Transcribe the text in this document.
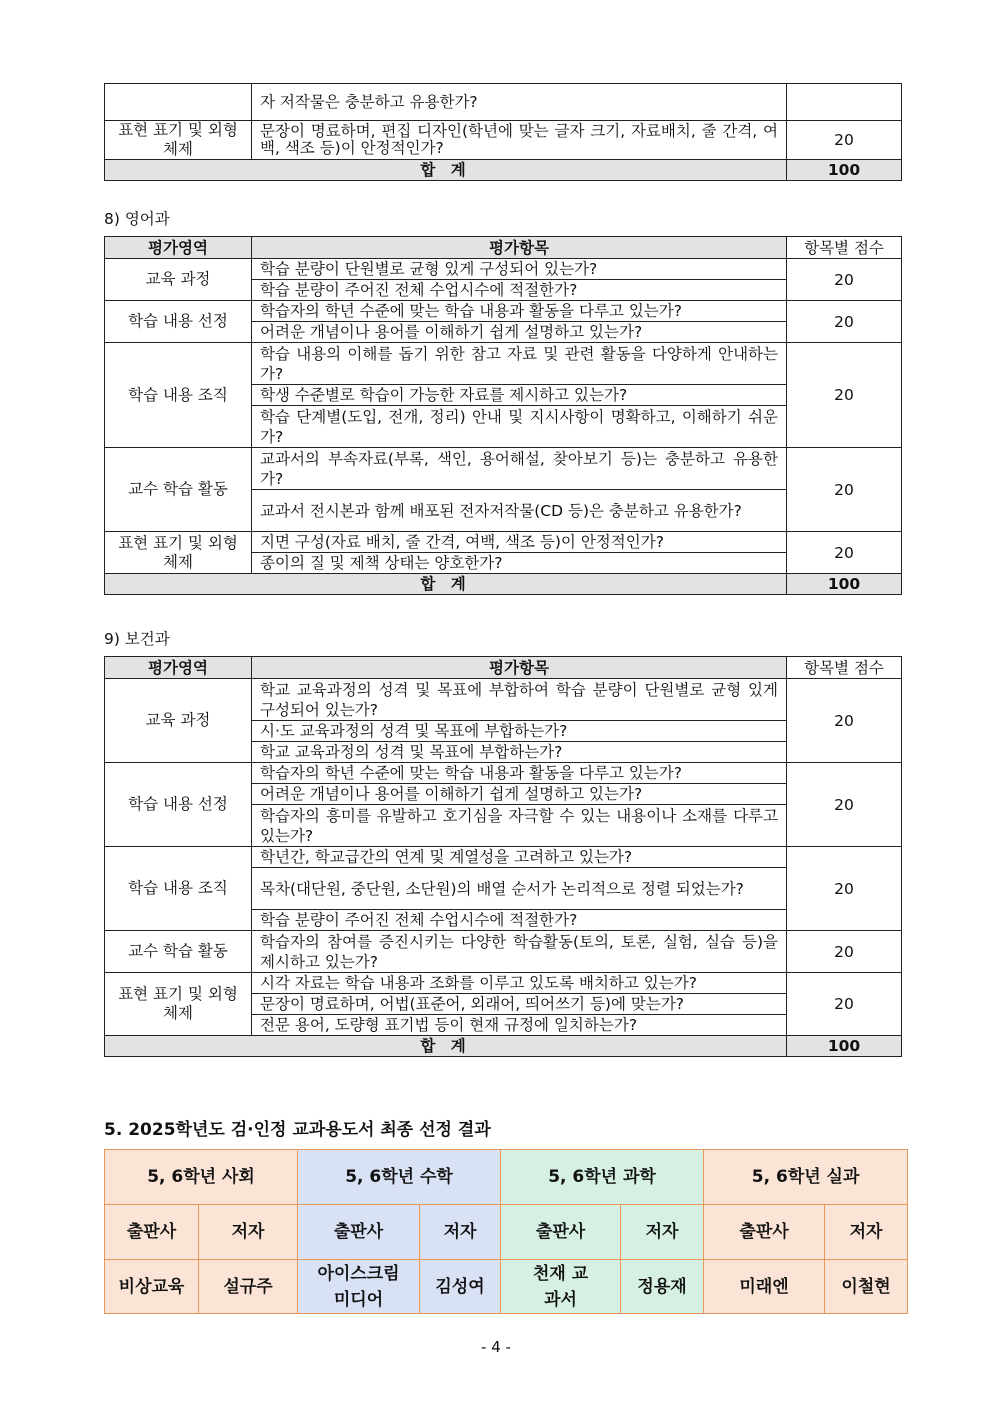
	자 저작물은 충분하고 유용한가?	
표현 표기 및 외형 체제	문장이 명료하며, 편집 디자인(학년에 맞는 글자 크기, 자료배치, 줄 간격, 여백, 색조 등)이 안정적인가?	20
합 계		100
8) 영어과
평가영역	평가항목	항목별 점수
교육 과정	학습 분량이 단원별로 균형 있게 구성되어 있는가?	20
	학습 분량이 주어진 전체 수업시수에 적절한가?	
학습 내용 선정	학습자의 학년 수준에 맞는 학습 내용과 활동을 다루고 있는가?	20
	어려운 개념이나 용어를 이해하기 쉽게 설명하고 있는가?	
학습 내용 조직	학습 내용의 이해를 돕기 위한 참고 자료 및 관련 활동을 다양하게 안내하는가?	20
	학생 수준별로 학습이 가능한 자료를 제시하고 있는가?	
	학습 단계별(도입, 전개, 정리) 안내 및 지시사항이 명확하고, 이해하기 쉬운가?	
교수 학습 활동	교과서의 부속자료(부록, 색인, 용어해설, 찾아보기 등)는 충분하고 유용한가?	20
	교과서 전시본과 함께 배포된 전자저작물(CD 등)은 충분하고 유용한가?	
표현 표기 및 외형 체제	지면 구성(자료 배치, 줄 간격, 여백, 색조 등)이 안정적인가?	20
	종이의 질 및 제책 상태는 양호한가?	
합 계		100
9) 보건과
평가영역	평가항목	항목별 점수
교육 과정	학교 교육과정의 성격 및 목표에 부합하여 학습 분량이 단원별로 균형 있게 구성되어 있는가?	20
	시·도 교육과정의 성격 및 목표에 부합하는가?	
	학교 교육과정의 성격 및 목표에 부합하는가?	
학습 내용 선정	학습자의 학년 수준에 맞는 학습 내용과 활동을 다루고 있는가?	20
	어려운 개념이나 용어를 이해하기 쉽게 설명하고 있는가?	
	학습자의 흥미를 유발하고 호기심을 자극할 수 있는 내용이나 소재를 다루고 있는가?	
학습 내용 조직	학년간, 학교급간의 연계 및 계열성을 고려하고 있는가?	20
	목차(대단원, 중단원, 소단원)의 배열 순서가 논리적으로 정렬 되었는가?	
	학습 분량이 주어진 전체 수업시수에 적절한가?	
교수 학습 활동	학습자의 참여를 증진시키는 다양한 학습활동(토의, 토론, 실험, 실습 등)을 제시하고 있는가?	20
표현 표기 및 외형 체제	시각 자료는 학습 내용과 조화를 이루고 있도록 배치하고 있는가?	20
	문장이 명료하며, 어법(표준어, 외래어, 띄어쓰기 등)에 맞는가?	
	전문 용어, 도량형 표기법 등이 현재 규정에 일치하는가?	
합 계		100
5. 2025학년도 검·인정 교과용도서 최종 선정 결과
5, 6학년 사회		5, 6학년 수학		5, 6학년 과학		5, 6학년 실과	
출판사	저자	출판사	저자	출판사	저자	출판사	저자
비상교육	설규주	아이스크림 미디어	김성여	천재 교과서	정용재	미래엔	이철현
- 4 -
